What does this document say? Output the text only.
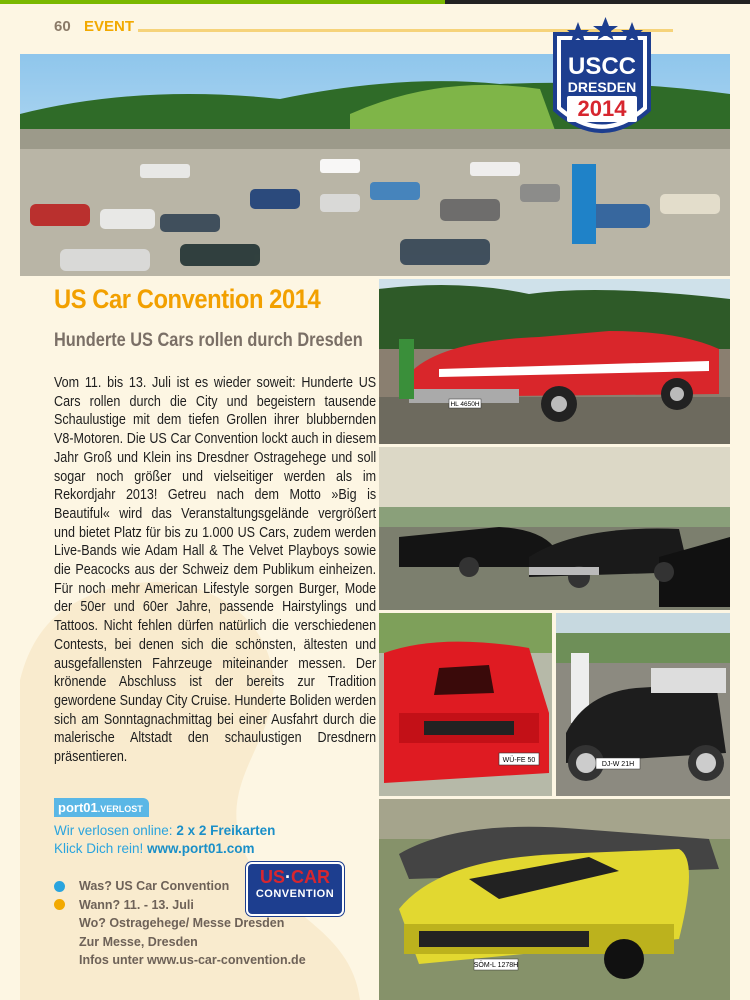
60 EVENT
USCC
DRESDEN
2014
US Car Convention 2014
Hunderte US Cars rollen durch Dresden

Vom 11. bis 13. Juli ist es wieder soweit: Hunderte US Cars rollen durch die City und begeistern tausende Schaulustige mit dem tiefen Grollen ihrer blubbernden V8-Motoren. Die US Car Convention lockt auch in diesem Jahr Groß und Klein ins Dresdner Ostragehege und soll sogar noch größer und vielseitiger werden als im Rekordjahr 2013! Getreu nach dem Motto »Big is Beautiful« wird das Veranstaltungsgelände vergrößert und bietet Platz für bis zu 1.000 US Cars, zudem werden Live-Bands wie Adam Hall & The Velvet Playboys sowie die Peacocks aus der Schweiz dem Publikum einheizen. Für noch mehr American Lifestyle sorgen Burger, Mode der 50er und 60er Jahre, passende Hairstylings und Tattoos. Nicht fehlen dürfen natürlich die verschiedenen Contests, bei denen sich die schönsten, ältesten und ausgefallensten Fahrzeuge miteinander messen. Der krönende Abschluss ist der bereits zur Tradition gewordene Sunday City Cruise. Hunderte Boliden werden sich am Sonntagnachmittag bei einer Ausfahrt durch die malerische Altstadt den schaulustigen Dresdnern präsentieren.

HL 4650H
WÜ-FE 50
DJ-W 21H
SÖM-L 1278H
port01.VERLOST
Wir verlosen online: 2 x 2 Freikarten
Klick Dich rein! www.port01.com
Was? US Car Convention
Wann? 11. - 13. Juli
Wo? Ostragehege/ Messe Dresden
Zur Messe, Dresden
Infos unter www.us-car-convention.de
US·CAR
CONVENTION
